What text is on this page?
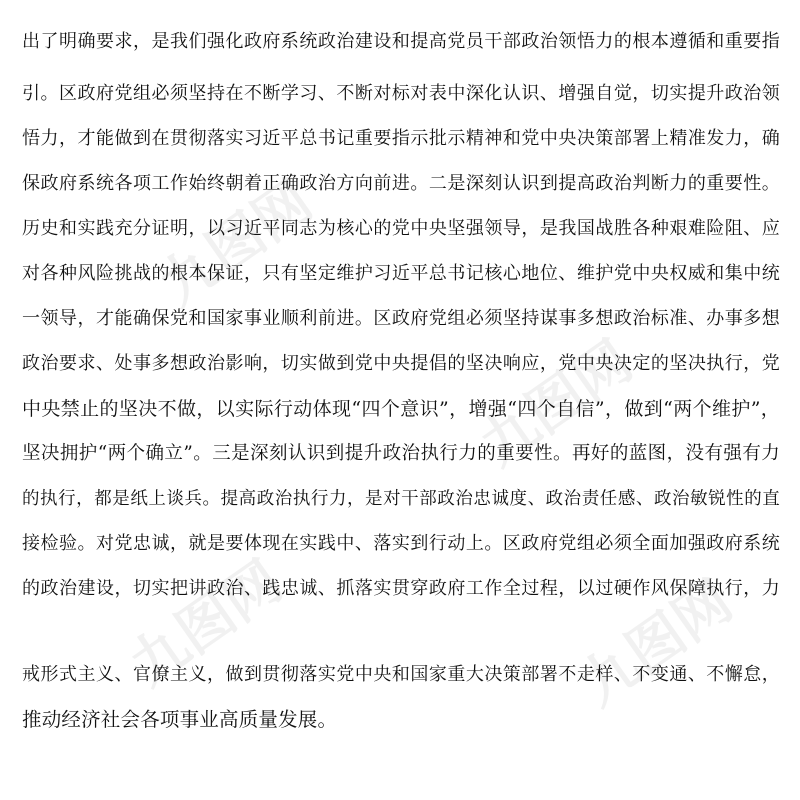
九图网
九图网
九图网	九图网
出了明确要求，是我们强化政府系统政治建设和提高党员干部政治领悟力的根本遵循和重要指
引。区政府党组必须坚持在不断学习、不断对标对表中深化认识、增强自觉，切实提升政治领
悟力，才能做到在贯彻落实习近平总书记重要指示批示精神和党中央决策部署上精准发力，确
保政府系统各项工作始终朝着正确政治方向前进。二是深刻认识到提高政治判断力的重要性。
历史和实践充分证明，以习近平同志为核心的党中央坚强领导，是我国战胜各种艰难险阻、应
对各种风险挑战的根本保证，只有坚定维护习近平总书记核心地位、维护党中央权威和集中统
一领导，才能确保党和国家事业顺利前进。区政府党组必须坚持谋事多想政治标准、办事多想
政治要求、处事多想政治影响，切实做到党中央提倡的坚决响应，党中央决定的坚决执行，党
中央禁止的坚决不做，以实际行动体现“四个意识”，增强“四个自信”，做到“两个维护”，
坚决拥护“两个确立”。三是深刻认识到提升政治执行力的重要性。再好的蓝图，没有强有力
的执行，都是纸上谈兵。提高政治执行力，是对干部政治忠诚度、政治责任感、政治敏锐性的直
接检验。对党忠诚，就是要体现在实践中、落实到行动上。区政府党组必须全面加强政府系统
的政治建设，切实把讲政治、践忠诚、抓落实贯穿政府工作全过程，以过硬作风保障执行，力
戒形式主义、官僚主义，做到贯彻落实党中央和国家重大决策部署不走样、不变通、不懈怠，
推动经济社会各项事业高质量发展。
